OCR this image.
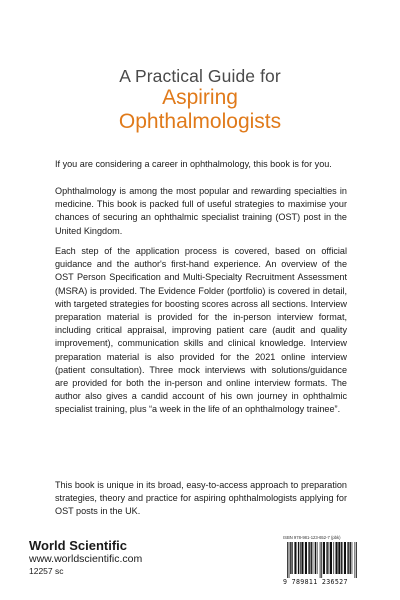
A Practical Guide for
Aspiring
Ophthalmologists
If you are considering a career in ophthalmology, this book is for you.
Ophthalmology is among the most popular and rewarding specialties in medicine. This book is packed full of useful strategies to maximise your chances of securing an ophthalmic specialist training (OST) post in the United Kingdom.
Each step of the application process is covered, based on official guidance and the author's first-hand experience. An overview of the OST Person Specification and Multi-Specialty Recruitment Assessment (MSRA) is provided. The Evidence Folder (portfolio) is covered in detail, with targeted strategies for boosting scores across all sections. Interview preparation material is provided for the in-person interview format, including critical appraisal, improving patient care (audit and quality improvement), communication skills and clinical knowledge. Interview preparation material is also provided for the 2021 online interview (patient consultation). Three mock interviews with solutions/guidance are provided for both the in-person and online interview formats. The author also gives a candid account of his own journey in ophthalmic specialist training, plus “a week in the life of an ophthalmology trainee”.
This book is unique in its broad, easy-to-access approach to preparation strategies, theory and practice for aspiring ophthalmologists applying for OST posts in the UK.
World Scientific
www.worldscientific.com
12257 sc
ISBN 978-981-123-652-7 (pbk)
9 789811 236527
